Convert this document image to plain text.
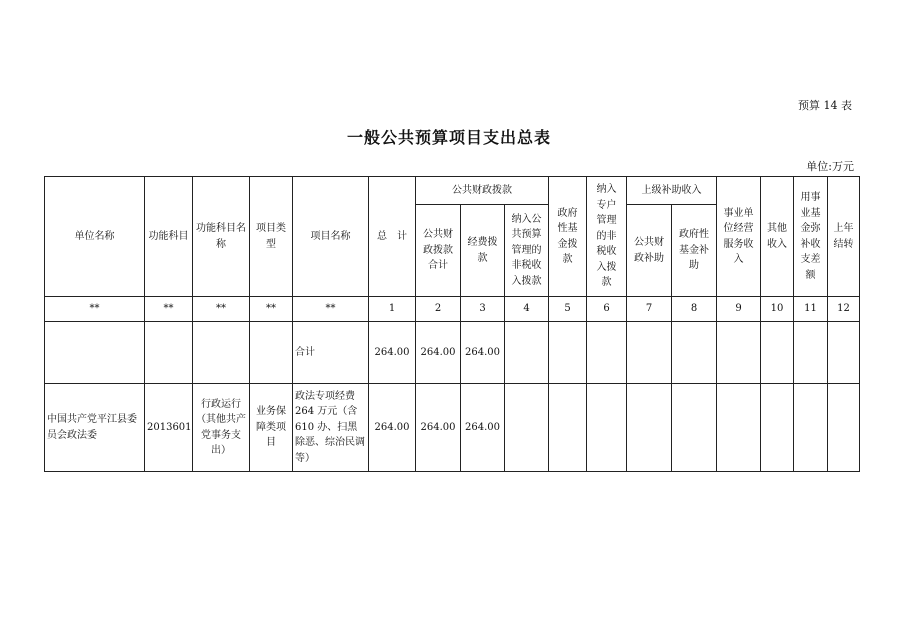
预算 14 表
一般公共预算项目支出总表
单位:万元
单位名称	功能科目	功能科目名称	项目类型	项目名称	总　计	公共财政拨款			政府性基金拨款	纳入专户管理的非税收入拨款	上级补助收入		事业单位经营服务收入	其他收入	用事业基金弥补收支差额	上年结转
						公共财政拨款合计	经费拨款	纳入公共预算管理的非税收入拨款			公共财政补助	政府性基金补助				
**	**	**	**	**	1	2	3	4	5	6	7	8	9	10	11	12
				合计	264.00	264.00	264.00									
中国共产党平江县委员会政法委	2013601	行政运行（其他共产党事务支出）	业务保障类项目	政法专项经费264 万元（含610 办、扫黑除恶、综治民调等）	264.00	264.00	264.00									
